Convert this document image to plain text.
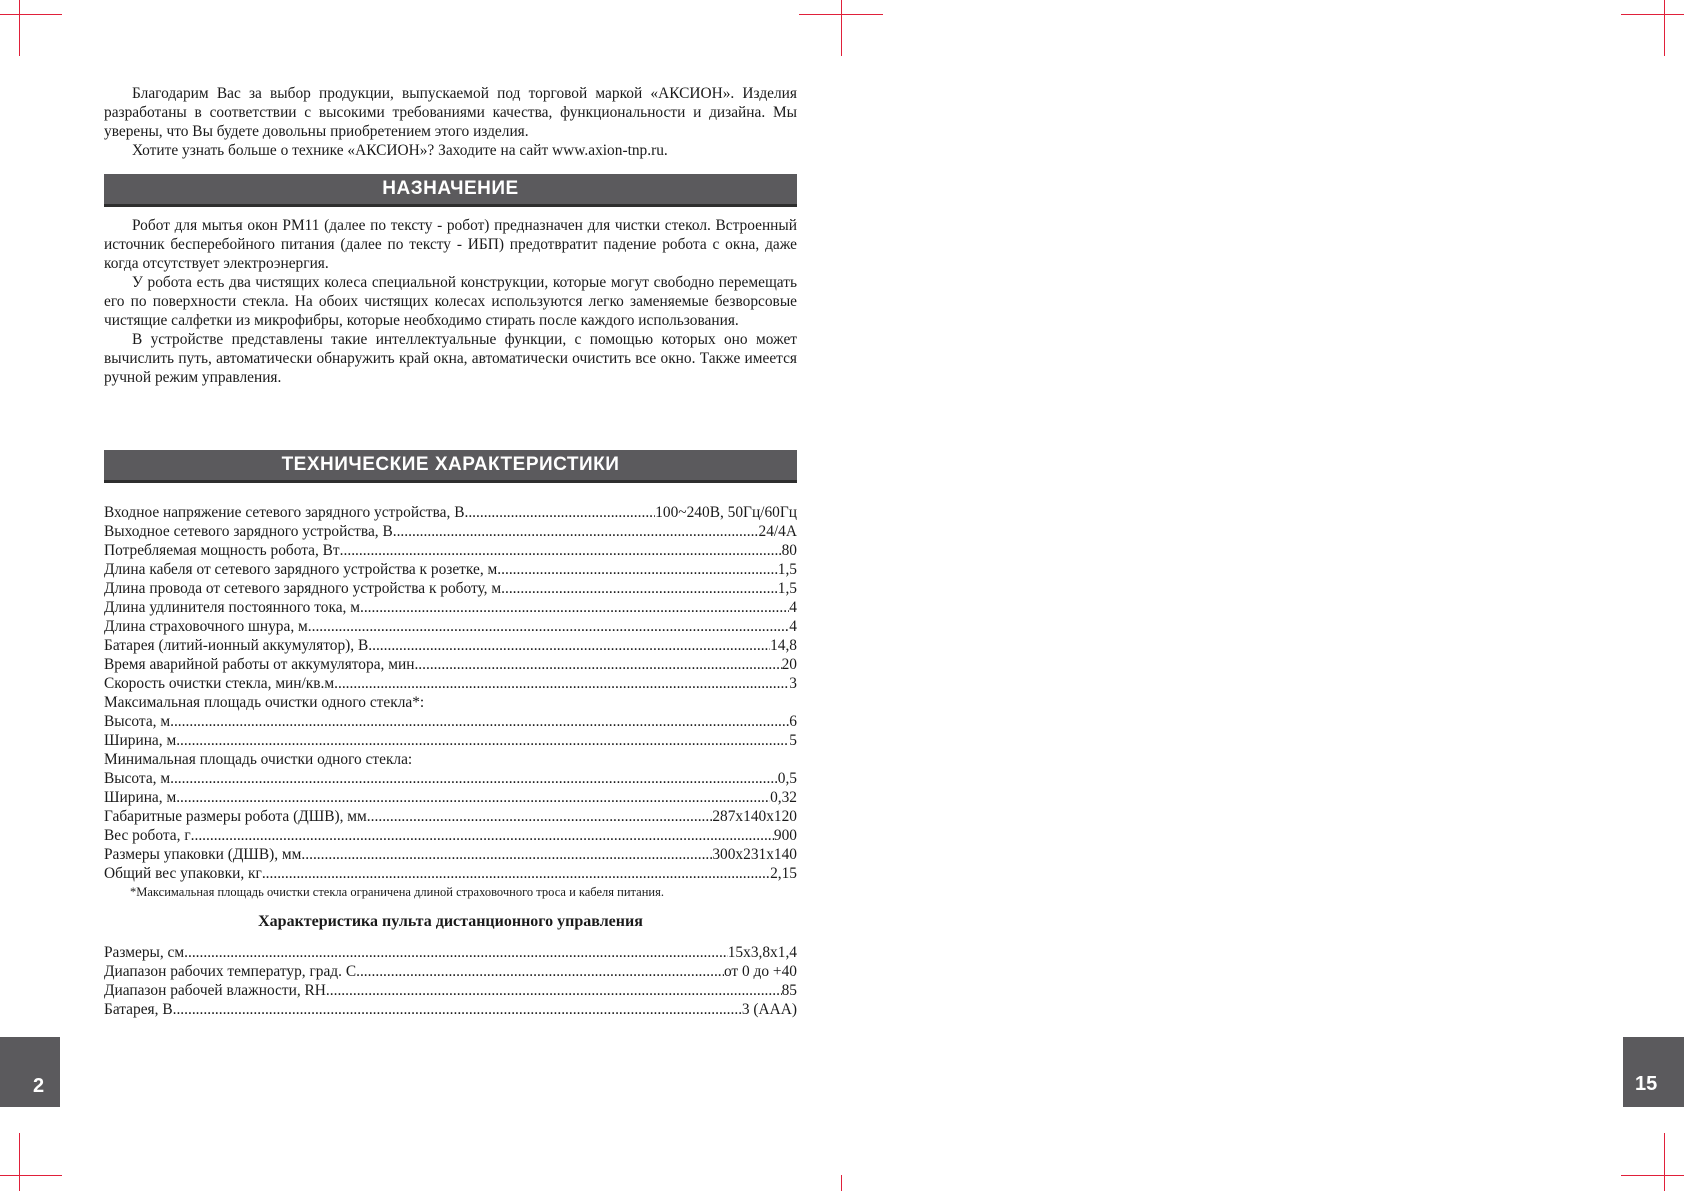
Благодарим Вас за выбор продукции, выпускаемой под торговой маркой «АКСИОН». Изделия разработаны в соответствии с высокими требованиями качества, функциональности и дизайна. Мы уверены, что Вы будете довольны приобретением этого изделия.

Хотите узнать больше о технике «АКСИОН»? Заходите на сайт www.axion-tnp.ru.

НАЗНАЧЕНИЕ

Робот для мытья окон РМ11 (далее по тексту - робот) предназначен для чистки стекол. Встроенный источник бесперебойного питания (далее по тексту - ИБП) предотвратит падение робота с окна, даже когда отсутствует электроэнергия.

У робота есть два чистящих колеса специальной конструкции, которые могут свободно перемещать его по поверхности стекла. На обоих чистящих колесах используются легко заменяемые безворсовые чистящие салфетки из микрофибры, которые необходимо стирать после каждого использования.

В устройстве представлены такие интеллектуальные функции, с помощью которых оно может вычислить путь, автоматически обнаружить край окна, автоматически очистить все окно. Также имеется ручной режим управления.

ТЕХНИЧЕСКИЕ ХАРАКТЕРИСТИКИ
Входное напряжение сетевого зарядного устройства, В .....	100~240В, 50Гц/60Гц
Выходное сетевого зарядного устройства, В .....	24/4А
Потребляемая мощность робота, Вт .....	80
Длина кабеля от сетевого зарядного устройства к розетке, м .....	1,5
Длина провода от сетевого зарядного устройства к роботу, м .....	1,5
Длина удлинителя постоянного тока, м .....	4
Длина страховочного шнура, м .....	4
Батарея (литий-ионный аккумулятор), В .....	14,8
Время аварийной работы от аккумулятора, мин .....	20
Скорость очистки стекла, мин/кв.м .....	3
Максимальная площадь очистки одного стекла*:
Высота, м .....	6
Ширина, м .....	5
Минимальная площадь очистки одного стекла:
Высота, м .....	0,5
Ширина, м .....	0,32
Габаритные размеры робота (ДШВ), мм .....	287х140х120
Вес робота, г .....	900
Размеры упаковки (ДШВ), мм .....	300х231х140
Общий вес упаковки, кг .....	2,15

*Максимальная площадь очистки стекла ограничена длиной страховочного троса и кабеля питания.

Характеристика пульта дистанционного управления
Размеры, см .....	15х3,8х1,4
Диапазон рабочих температур, град. С .....	от 0 до +40
Диапазон рабочей влажности, RH .....	85
Батарея, В .....	3 (ААА)
2	15
